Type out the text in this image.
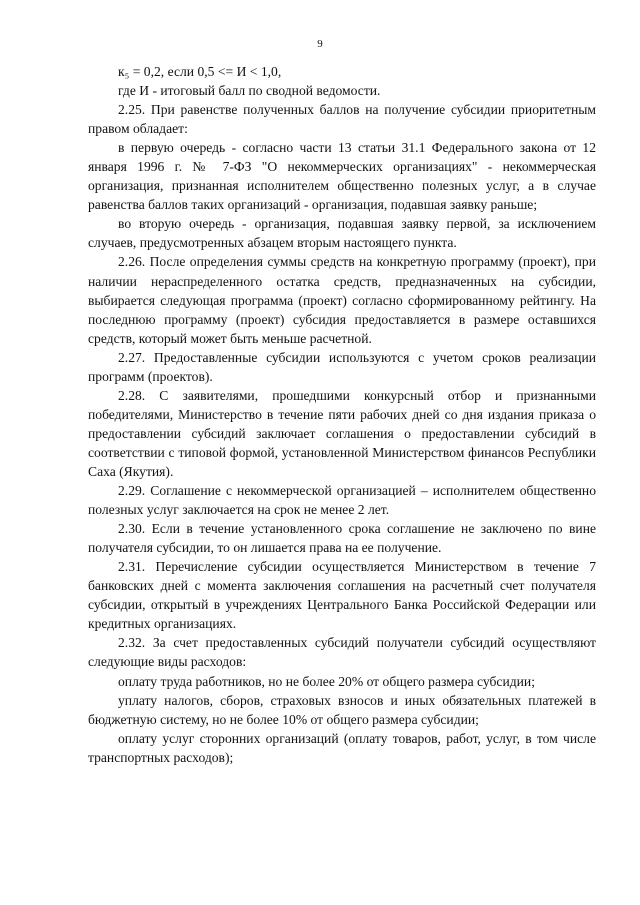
9

к₅ = 0,2, если 0,5 <= И < 1,0,

где И - итоговый балл по сводной ведомости.

2.25. При равенстве полученных баллов на получение субсидии приоритетным правом обладает:

в первую очередь - согласно части 13 статьи 31.1 Федерального закона от 12 января 1996 г. № 7-ФЗ "О некоммерческих организациях" - некоммерческая организация, признанная исполнителем общественно полезных услуг, а в случае равенства баллов таких организаций - организация, подавшая заявку раньше;

во вторую очередь - организация, подавшая заявку первой, за исключением случаев, предусмотренных абзацем вторым настоящего пункта.

2.26. После определения суммы средств на конкретную программу (проект), при наличии нераспределенного остатка средств, предназначенных на субсидии, выбирается следующая программа (проект) согласно сформированному рейтингу. На последнюю программу (проект) субсидия предоставляется в размере оставшихся средств, который может быть меньше расчетной.

2.27. Предоставленные субсидии используются с учетом сроков реализации программ (проектов).

2.28. С заявителями, прошедшими конкурсный отбор и признанными победителями, Министерство в течение пяти рабочих дней со дня издания приказа о предоставлении субсидий заключает соглашения о предоставлении субсидий в соответствии с типовой формой, установленной Министерством финансов Республики Саха (Якутия).

2.29. Соглашение с некоммерческой организацией – исполнителем общественно полезных услуг заключается на срок не менее 2 лет.

2.30. Если в течение установленного срока соглашение не заключено по вине получателя субсидии, то он лишается права на ее получение.

2.31. Перечисление субсидии осуществляется Министерством в течение 7 банковских дней с момента заключения соглашения на расчетный счет получателя субсидии, открытый в учреждениях Центрального Банка Российской Федерации или кредитных организациях.

2.32. За счет предоставленных субсидий получатели субсидий осуществляют следующие виды расходов:

оплату труда работников, но не более 20% от общего размера субсидии;

уплату налогов, сборов, страховых взносов и иных обязательных платежей в бюджетную систему, но не более 10% от общего размера субсидии;

оплату услуг сторонних организаций (оплату товаров, работ, услуг, в том числе транспортных расходов);
